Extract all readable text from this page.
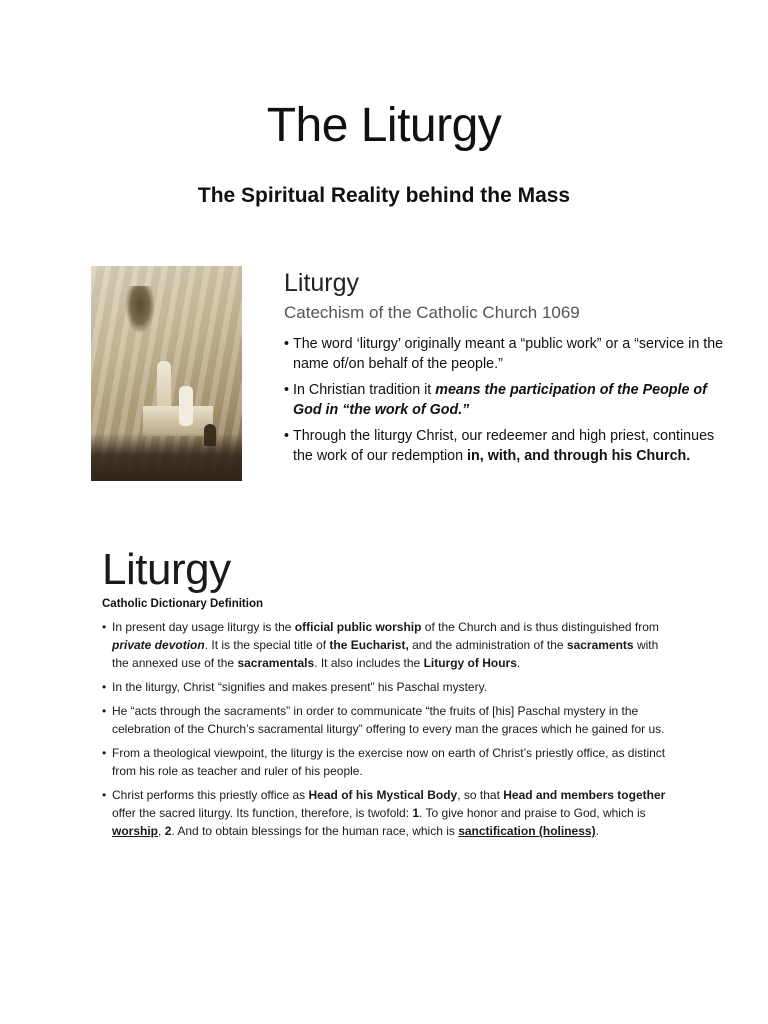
The Liturgy
The Spiritual Reality behind the Mass
Liturgy
Catechism of the Catholic Church 1069
• The word ‘liturgy’ originally meant a “public work” or a “service in the name of/on behalf of the people.”
• In Christian tradition it means the participation of the People of God in “the work of God.”
• Through the liturgy Christ, our redeemer and high priest, continues the work of our redemption in, with, and through his Church.
Liturgy
Catholic Dictionary Definition
• In present day usage liturgy is the official public worship of the Church and is thus distinguished from private devotion. It is the special title of the Eucharist, and the administration of the sacraments with the annexed use of the sacramentals. It also includes the Liturgy of Hours.
• In the liturgy, Christ “signifies and makes present” his Paschal mystery.
• He “acts through the sacraments” in order to communicate “the fruits of [his] Paschal mystery in the celebration of the Church’s sacramental liturgy” offering to every man the graces which he gained for us.
• From a theological viewpoint, the liturgy is the exercise now on earth of Christ’s priestly office, as distinct from his role as teacher and ruler of his people.
• Christ performs this priestly office as Head of his Mystical Body, so that Head and members together offer the sacred liturgy. Its function, therefore, is twofold: 1. To give honor and praise to God, which is worship, 2. And to obtain blessings for the human race, which is sanctification (holiness).
